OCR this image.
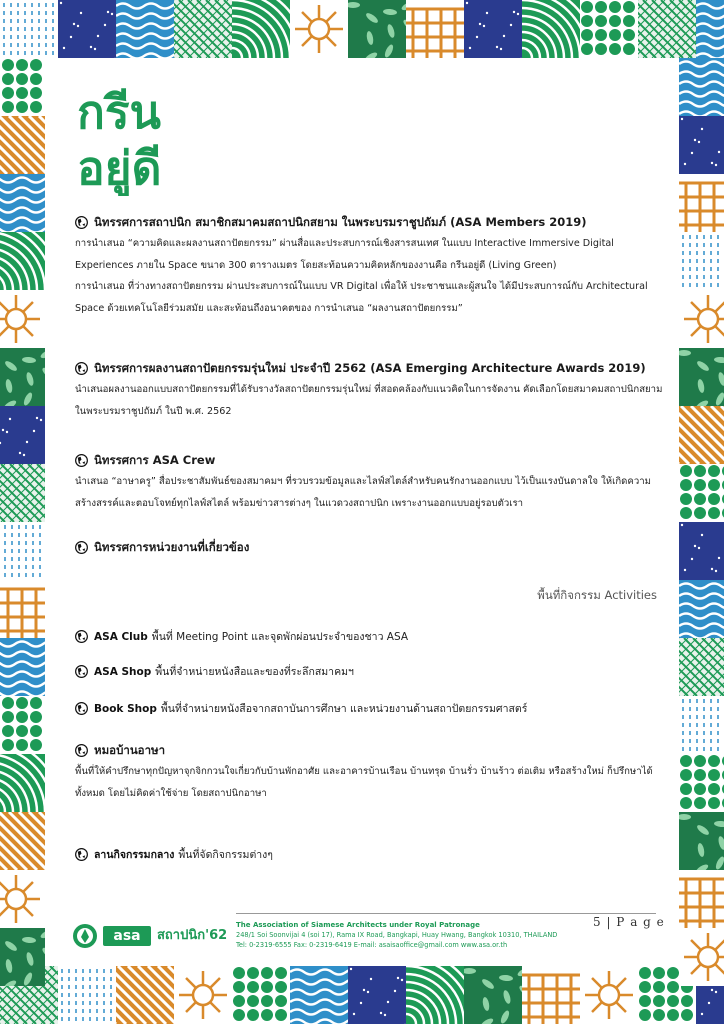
กรีน
อยู่ดี
นิทรรศการสถาปนิก สมาชิกสมาคมสถาปนิกสยาม ในพระบรมราชูปถัมภ์ (ASA Members 2019)

การนำเสนอ “ความคิดและผลงานสถาปัตยกรรม” ผ่านสื่อและประสบการณ์เชิงสารสนเทศ ในแบบ Interactive Immersive Digital Experiences ภายใน Space ขนาด 300 ตารางเมตร โดยสะท้อนความคิดหลักของงานคือ กรีนอยู่ดี (Living Green)

การนำเสนอ ที่ว่างทางสถาปัตยกรรม ผ่านประสบการณ์ในแบบ VR Digital เพื่อให้ ประชาชนและผู้สนใจ ได้มีประสบการณ์กับ Architectural Space ด้วยเทคโนโลยีร่วมสมัย และสะท้อนถึงอนาคตของ การนำเสนอ “ผลงานสถาปัตยกรรม”

นิทรรศการผลงานสถาปัตยกรรมรุ่นใหม่ ประจำปี 2562 (ASA Emerging Architecture Awards 2019)

นำเสนอผลงานออกแบบสถาปัตยกรรมที่ได้รับรางวัลสถาปัตยกรรมรุ่นใหม่ ที่สอดคล้องกับแนวคิดในการจัดงาน คัดเลือกโดยสมาคมสถาปนิกสยาม ในพระบรมราชูปถัมภ์ ในปี พ.ศ. 2562

นิทรรศการ ASA Crew

นำเสนอ “อาษาครู” สื่อประชาสัมพันธ์ของสมาคมฯ ที่รวบรวมข้อมูลและไลฟ์สไตล์สำหรับคนรักงานออกแบบ ไว้เป็นแรงบันดาลใจ ให้เกิดความสร้างสรรค์และตอบโจทย์ทุกไลฟ์สไตล์ พร้อมข่าวสารต่างๆ ในแวดวงสถาปนิก เพราะงานออกแบบอยู่รอบตัวเรา

นิทรรศการหน่วยงานที่เกี่ยวข้อง
พื้นที่กิจกรรม Activities
ASA Club พื้นที่ Meeting Point และจุดพักผ่อนประจำของชาว ASA
ASA Shop พื้นที่จำหน่ายหนังสือและของที่ระลึกสมาคมฯ
Book Shop พื้นที่จำหน่ายหนังสือจากสถาบันการศึกษา และหน่วยงานด้านสถาปัตยกรรมศาสตร์
หมอบ้านอาษา

พื้นที่ให้คำปรึกษาทุกปัญหาจุกจิกกวนใจเกี่ยวกับบ้านพักอาศัย และอาคารบ้านเรือน บ้านทรุด บ้านรั่ว บ้านร้าว ต่อเติม หรือสร้างใหม่ ก็ปรึกษาได้ทั้งหมด โดยไม่คิดค่าใช้จ่าย โดยสถาปนิกอาษา

ลานกิจกรรมกลาง พื้นที่จัดกิจกรรมต่างๆ
5 | P a g e
asa	สถาปนิก'62
The Association of Siamese Architects under Royal Patronage
248/1 Soi Soonvijai 4 (soi 17), Rama IX Road, Bangkapi, Huay Hwang, Bangkok 10310, THAILAND
Tel: 0-2319-6555 Fax: 0-2319-6419 E-mail: asaisaoffice@gmail.com www.asa.or.th
